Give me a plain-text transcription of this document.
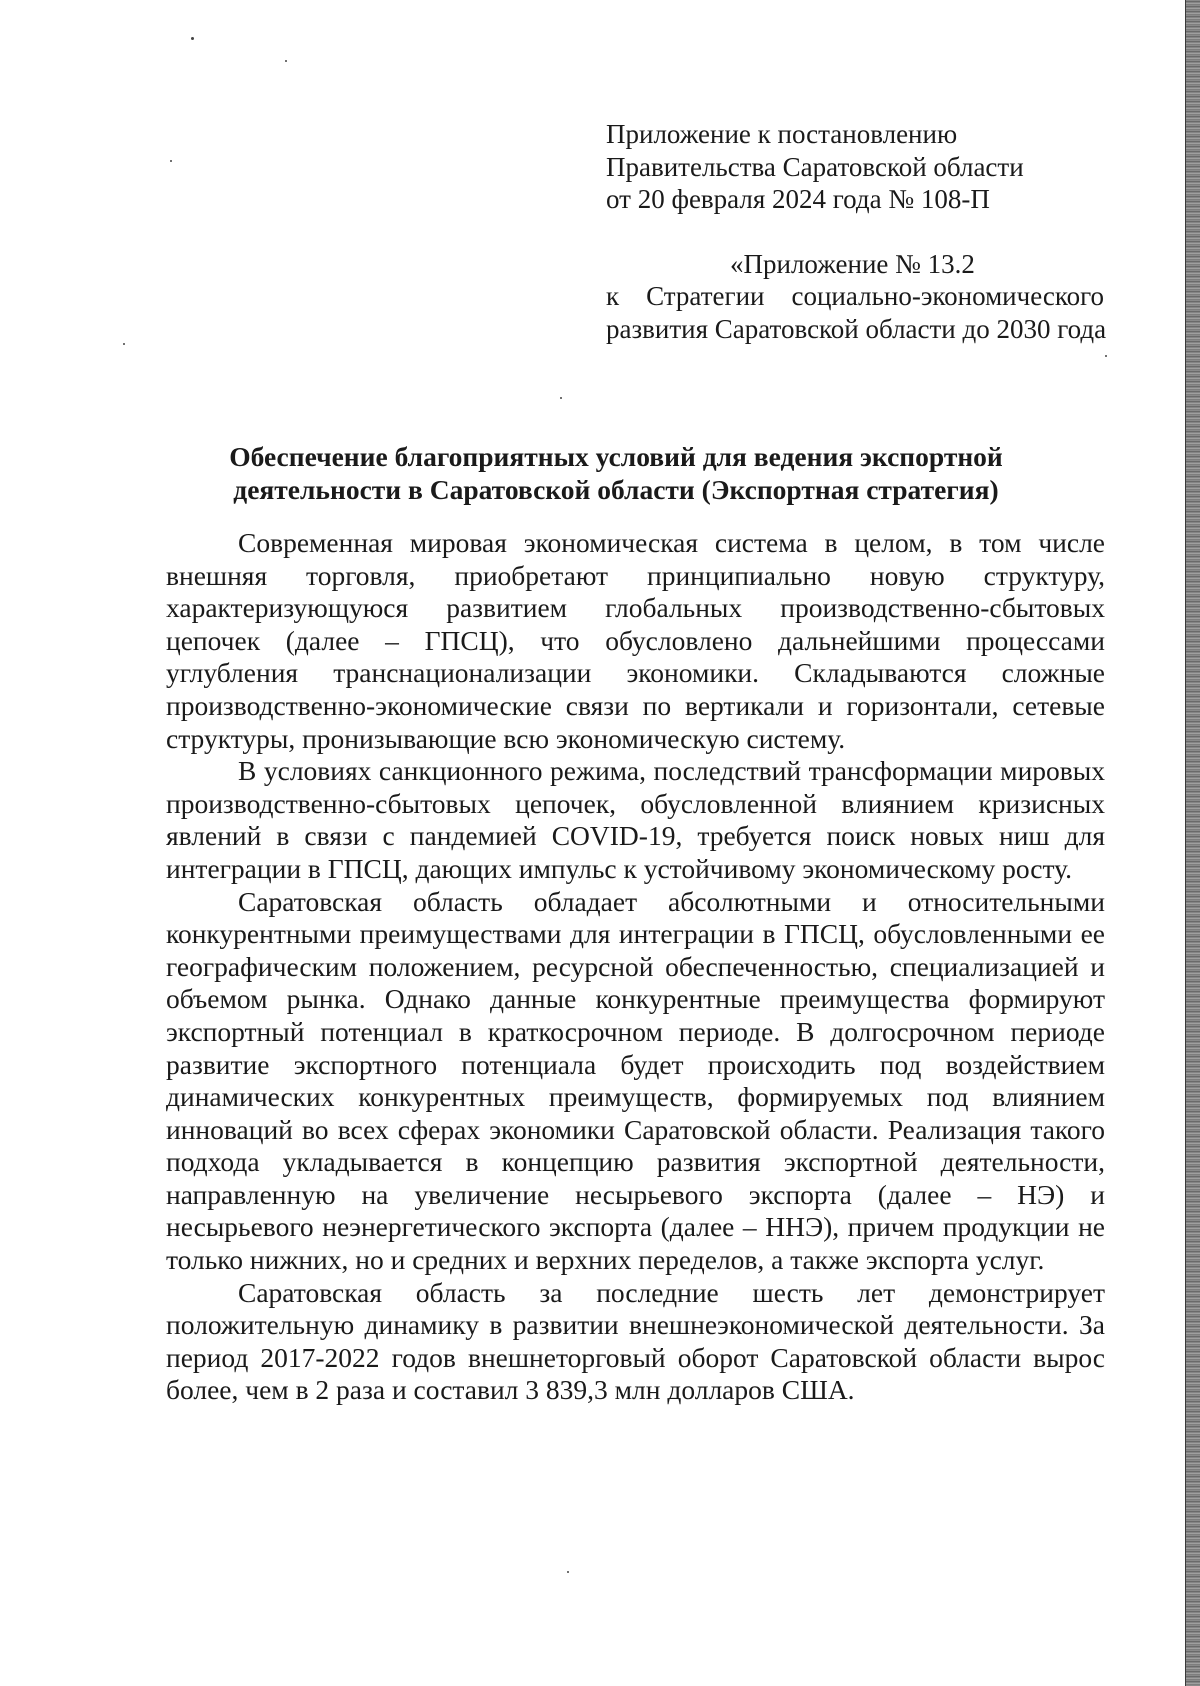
Приложение к постановлению

Правительства Саратовской области

от 20 февраля 2024 года № 108-П

«Приложение № 13.2

к Стратегии социально-экономического

развития Саратовской области до 2030 года

Обеспечение благоприятных условий для ведения экспортной

деятельности в Саратовской области (Экспортная стратегия)

Современная мировая экономическая система в целом, в том числе внешняя торговля, приобретают принципиально новую структуру, характеризующуюся развитием глобальных производственно-сбытовых цепочек (далее – ГПСЦ), что обусловлено дальнейшими процессами углубления транснационализации экономики. Складываются сложные производственно-экономические связи по вертикали и горизонтали, сетевые структуры, пронизывающие всю экономическую систему.

В условиях санкционного режима, последствий трансформации мировых производственно-сбытовых цепочек, обусловленной влиянием кризисных явлений в связи с пандемией COVID-19, требуется поиск новых ниш для интеграции в ГПСЦ, дающих импульс к устойчивому экономическому росту.

Саратовская область обладает абсолютными и относительными конкурентными преимуществами для интеграции в ГПСЦ, обусловленными ее географическим положением, ресурсной обеспеченностью, специализацией и объемом рынка. Однако данные конкурентные преимущества формируют экспортный потенциал в краткосрочном периоде. В долгосрочном периоде развитие экспортного потенциала будет происходить под воздействием динамических конкурентных преимуществ, формируемых под влиянием инноваций во всех сферах экономики Саратовской области. Реализация такого подхода укладывается в концепцию развития экспортной деятельности, направленную на увеличение несырьевого экспорта (далее – НЭ) и несырьевого неэнергетического экспорта (далее – ННЭ), причем продукции не только нижних, но и средних и верхних переделов, а также экспорта услуг.

Саратовская область за последние шесть лет демонстрирует положительную динамику в развитии внешнеэкономической деятельности. За период 2017-2022 годов внешнеторговый оборот Саратовской области вырос более, чем в 2 раза и составил 3 839,3 млн долларов США.
